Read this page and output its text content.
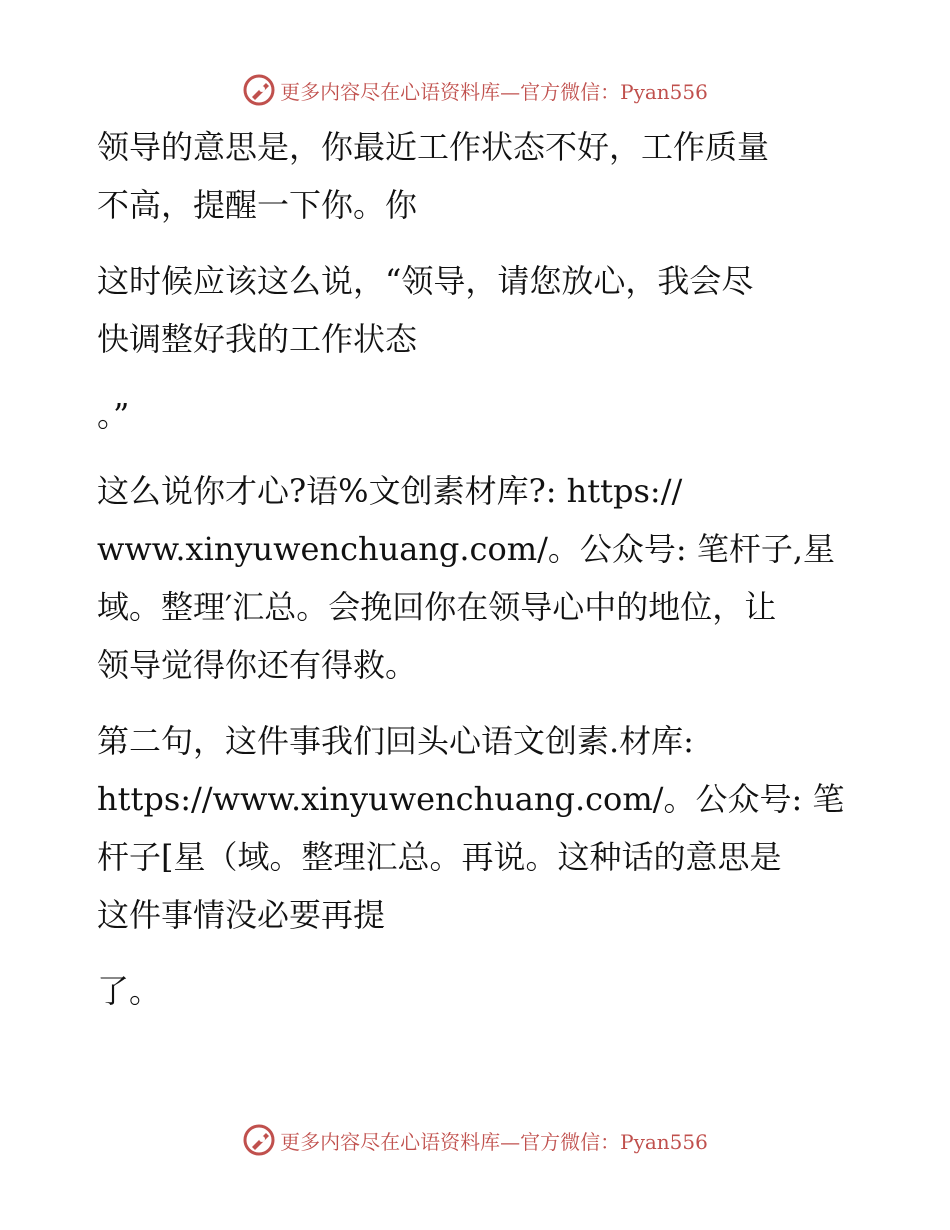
更多内容尽在心语资料库—官方微信：Pyan556

领导的意思是，你最近工作状态不好，工作质量
不高，提醒一下你。你

这时候应该这么说，“领导，请您放心，我会尽
快调整好我的工作状态

。”

这么说你才心?语%文创素材库?: https://
www.xinyuwenchuang.com/。公众号: 笔杆子,星
域。整理′汇总。会挽回你在领导心中的地位，让
领导觉得你还有得救。

第二句，这件事我们回头心语文创素.材库:
https://www.xinyuwenchuang.com/。公众号: 笔
杆子[星（域。整理汇总。再说。这种话的意思是
这件事情没必要再提

了。

更多内容尽在心语资料库—官方微信：Pyan556
